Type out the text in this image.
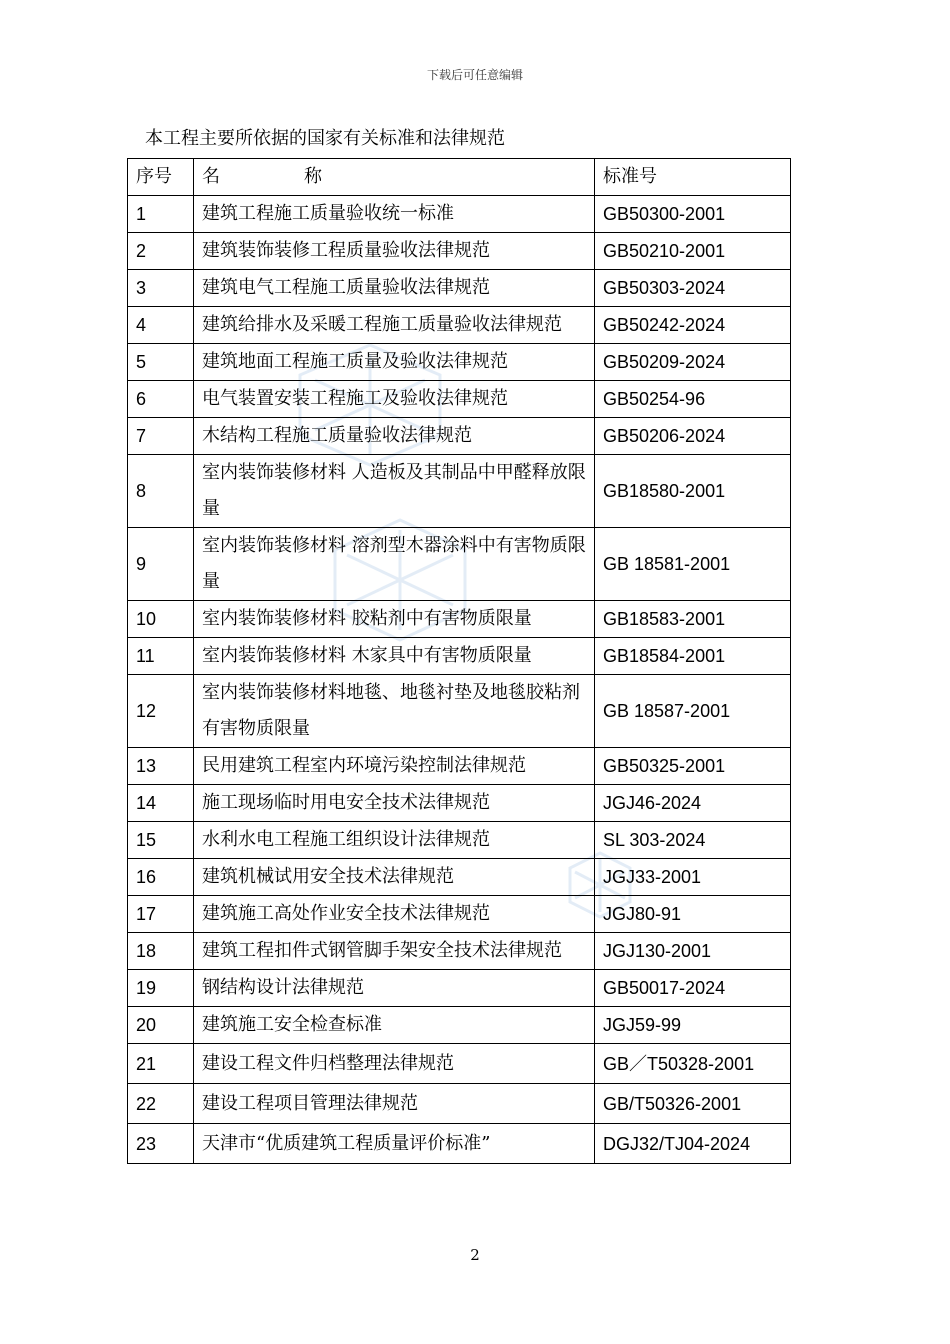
下载后可任意编辑
本工程主要所依据的国家有关标准和法律规范
序号	名 称	标准号
1	建筑工程施工质量验收统一标准	GB50300-2001
2	建筑装饰装修工程质量验收法律规范	GB50210-2001
3	建筑电气工程施工质量验收法律规范	GB50303-2024
4	建筑给排水及采暖工程施工质量验收法律规范	GB50242-2024
5	建筑地面工程施工质量及验收法律规范	GB50209-2024
6	电气装置安装工程施工及验收法律规范	GB50254-96
7	木结构工程施工质量验收法律规范	GB50206-2024
8	室内装饰装修材料 人造板及其制品中甲醛释放限量	GB18580-2001
9	室内装饰装修材料 溶剂型木器涂料中有害物质限量	GB 18581-2001
10	室内装饰装修材料 胶粘剂中有害物质限量	GB18583-2001
11	室内装饰装修材料 木家具中有害物质限量	GB18584-2001
12	室内装饰装修材料地毯、地毯衬垫及地毯胶粘剂有害物质限量	GB 18587-2001
13	民用建筑工程室内环境污染控制法律规范	GB50325-2001
14	施工现场临时用电安全技术法律规范	JGJ46-2024
15	水利水电工程施工组织设计法律规范	SL 303-2024
16	建筑机械试用安全技术法律规范	JGJ33-2001
17	建筑施工高处作业安全技术法律规范	JGJ80-91
18	建筑工程扣件式钢管脚手架安全技术法律规范	JGJ130-2001
19	钢结构设计法律规范	GB50017-2024
20	建筑施工安全检查标准	JGJ59-99
21	建设工程文件归档整理法律规范	GB／T50328-2001
22	建设工程项目管理法律规范	GB/T50326-2001
23	天津市“优质建筑工程质量评价标准”	DGJ32/TJ04-2024
2
